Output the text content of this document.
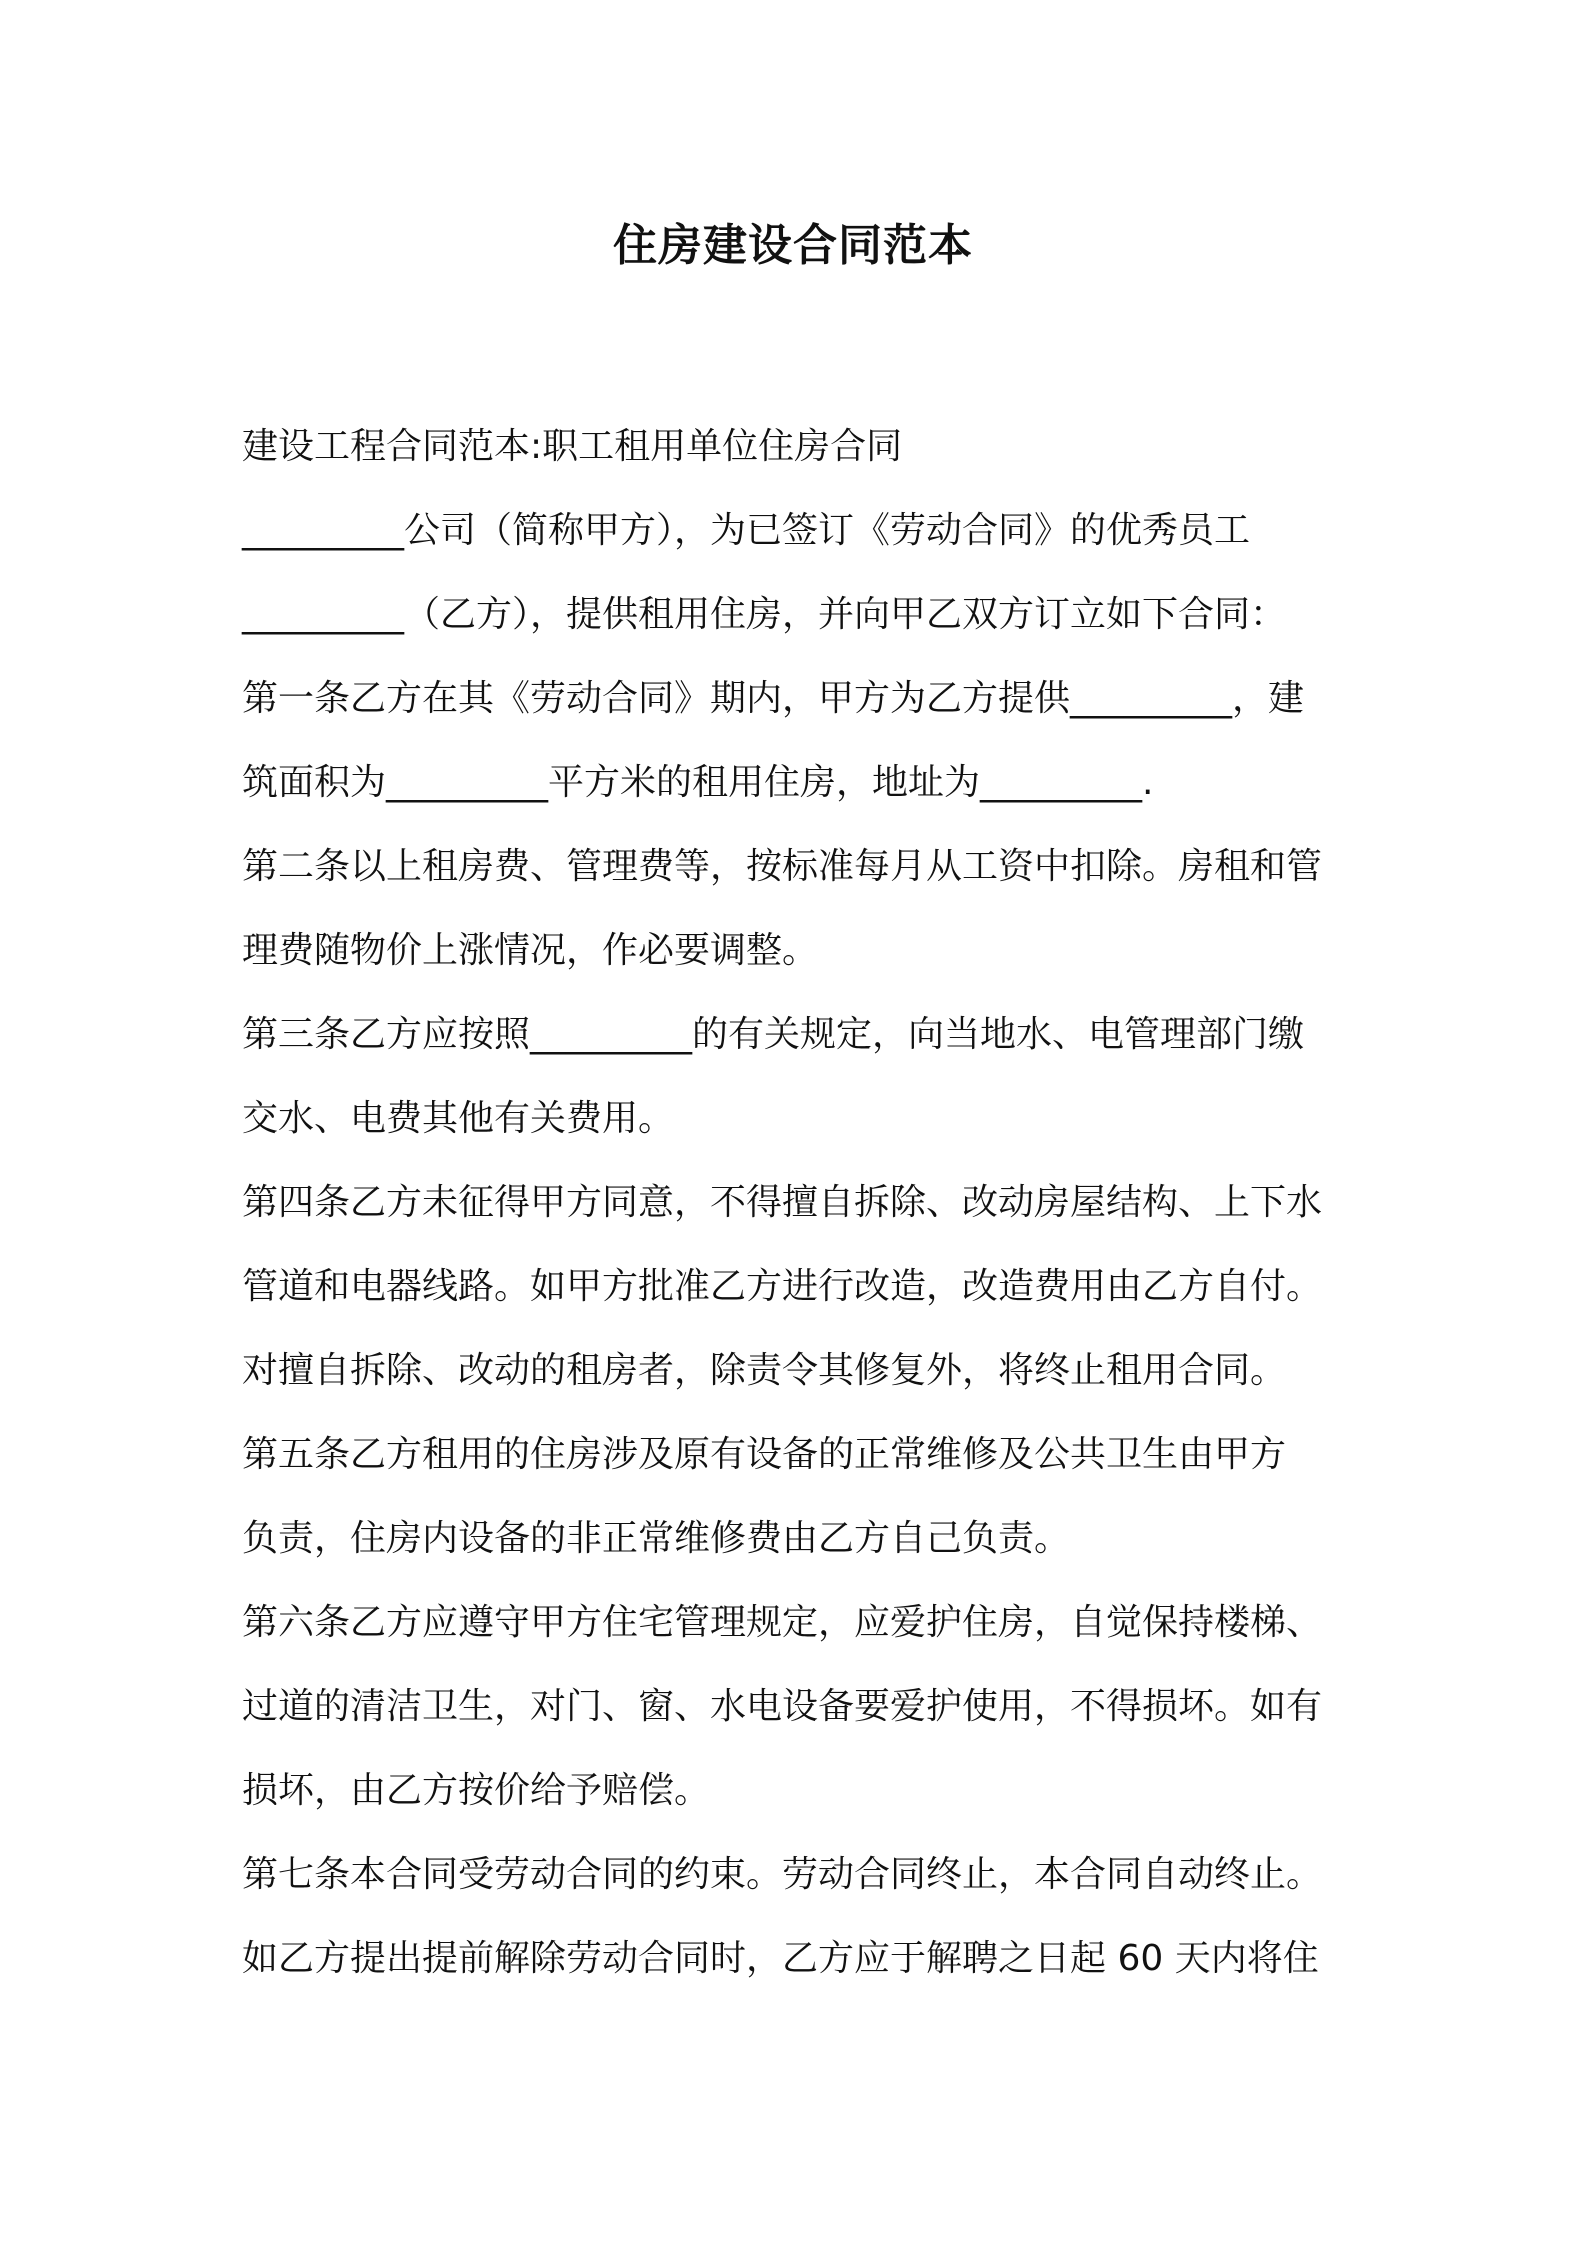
住房建设合同范本
建设工程合同范本:职工租用单位住房合同
_________公司（简称甲方），为已签订《劳动合同》的优秀员工
_________（乙方），提供租用住房，并向甲乙双方订立如下合同：
第一条乙方在其《劳动合同》期内，甲方为乙方提供_________，建
筑面积为_________平方米的租用住房，地址为_________.
第二条以上租房费、管理费等，按标准每月从工资中扣除。房租和管
理费随物价上涨情况，作必要调整。
第三条乙方应按照_________的有关规定，向当地水、电管理部门缴
交水、电费其他有关费用。
第四条乙方未征得甲方同意，不得擅自拆除、改动房屋结构、上下水
管道和电器线路。如甲方批准乙方进行改造，改造费用由乙方自付。
对擅自拆除、改动的租房者，除责令其修复外，将终止租用合同。
第五条乙方租用的住房涉及原有设备的正常维修及公共卫生由甲方
负责，住房内设备的非正常维修费由乙方自己负责。
第六条乙方应遵守甲方住宅管理规定，应爱护住房，自觉保持楼梯、
过道的清洁卫生，对门、窗、水电设备要爱护使用，不得损坏。如有
损坏，由乙方按价给予赔偿。
第七条本合同受劳动合同的约束。劳动合同终止，本合同自动终止。
如乙方提出提前解除劳动合同时，乙方应于解聘之日起 60 天内将住
